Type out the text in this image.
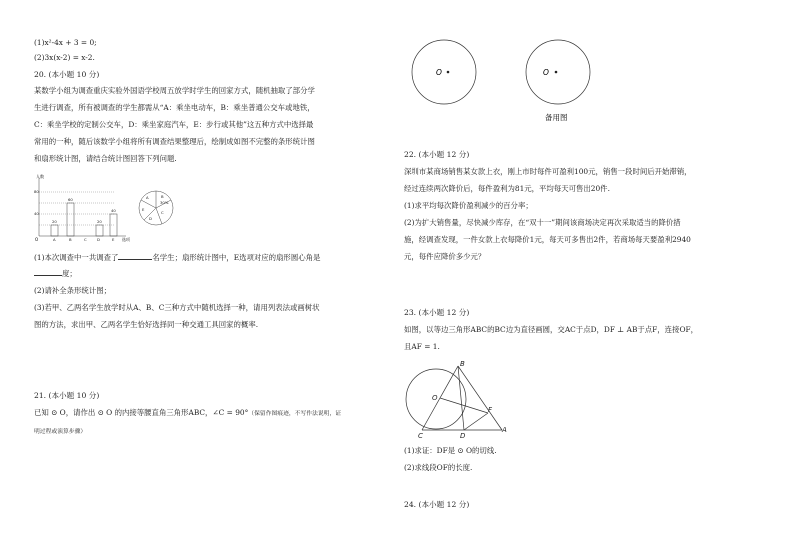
(1)x²-4x + 3 = 0;
(2)3x(x-2) = x-2.
20. (本小题 10 分)
某数学小组为调查重庆实验外国语学校周五放学时学生的回家方式，随机抽取了部分学
生进行调查，所有被调查的学生都需从“A：乘坐电动车，B：乘坐普通公交车或地铁，
C：乘坐学校的定制公交车，D：乘坐家庭汽车，E：步行或其他”这五种方式中选择最
常用的一种，随后该数学小组将所有调查结果整理后，绘制成如图不完整的条形统计图
和扇形统计图，请结合统计图回答下列问题.
人数
选项
O
20
60
20
40
A	B	C	D	E
80
40
A	B
30%
C
E
D
(1)本次调查中一共调查了	名学生；扇形统计图中，E选项对应的扇形圆心角是
度；
(2)请补全条形统计图；
(3)若甲、乙两名学生放学时从A、B、C三种方式中随机选择一种，请用列表法或画树状
图的方法，求出甲、乙两名学生恰好选择同一种交通工具回家的概率.
21. (本小题 10 分)
已知 ⊙ O，请作出 ⊙ O 的内接等腰直角三角形ABC，∠C = 90°（保留作图痕迹，不写作法说明，证
明过程或演算步骤）
O	O
备用图
22. (本小题 12 分)
深圳市某商场销售某女款上衣，刚上市时每件可盈利100元，销售一段时间后开始滞销，
经过连续两次降价后，每件盈利为81元，平均每天可售出20件.
(1)求平均每次降价盈利减少的百分率；
(2)为扩大销售量，尽快减少库存，在“双十一”期间该商场决定再次采取适当的降价措
施，经调查发现，一件女款上衣每降价1元，每天可多售出2件，若商场每天要盈利2940
元，每件应降价多少元？
23. (本小题 12 分)
如图，以等边三角形ABC的BC边为直径画圆，交AC于点D，DF ⊥ AB于点F，连接OF，
且AF = 1.
B
O
F
C	D
A
(1)求证：DF是 ⊙ O的切线.
(2)求线段OF的长度.
24. (本小题 12 分)
